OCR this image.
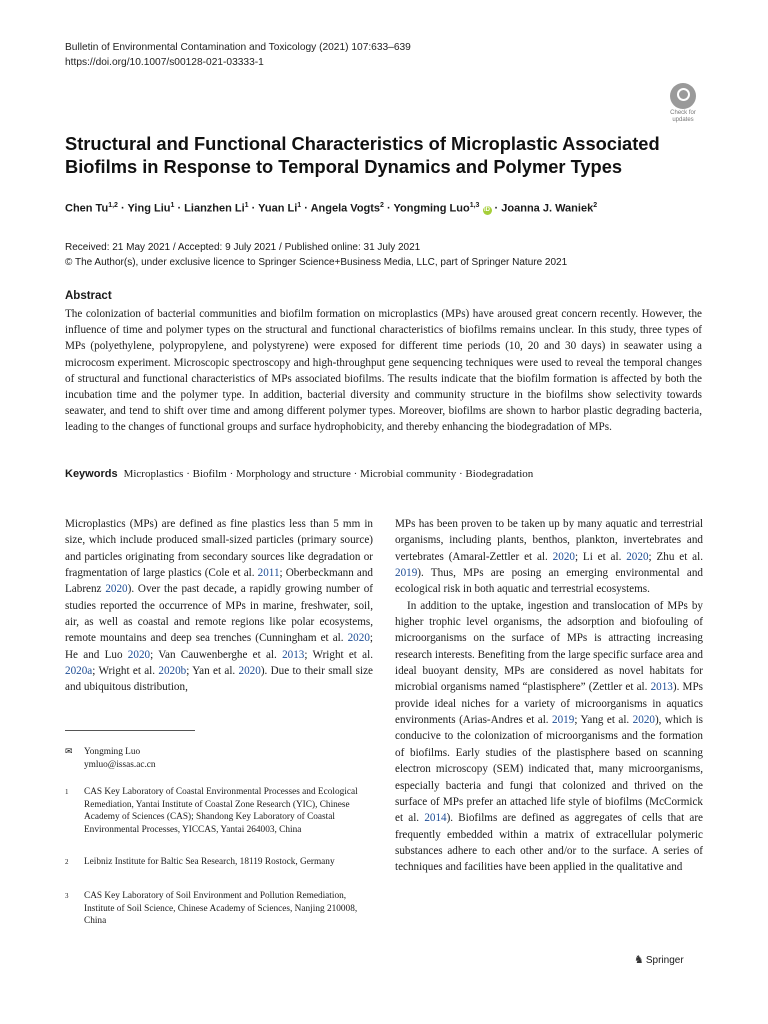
Bulletin of Environmental Contamination and Toxicology (2021) 107:633–639
https://doi.org/10.1007/s00128-021-03333-1
Check for
updates
Structural and Functional Characteristics of Microplastic Associated Biofilms in Response to Temporal Dynamics and Polymer Types
Chen Tu$^{1,2}$ · Ying Liu$^1$ · Lianzhen $Li^1$ · Yuan $Li^1$ · Angela Vogts$^2$ · Yongming Luo$^{1,3}$ iD · Joanna J. Waniek$^2$
Received: 21 May 2021 / Accepted: 9 July 2021 / Published online: 31 July 2021
© The Author(s), under exclusive licence to Springer Science+Business Media, LLC, part of Springer Nature 2021
Abstract

The colonization of bacterial communities and biofilm formation on microplastics (MPs) have aroused great concern recently. However, the influence of time and polymer types on the structural and functional characteristics of biofilms remains unclear. In this study, three types of MPs (polyethylene, polypropylene, and polystyrene) were exposed for different time periods (10, 20 and 30 days) in seawater using a microcosm experiment. Microscopic spectroscopy and high-throughput gene sequencing techniques were used to reveal the temporal changes of structural and functional characteristics of MPs associated biofilms. The results indicate that the biofilm formation is affected by both the incubation time and the polymer type. In addition, bacterial diversity and community structure in the biofilms show selectivity towards seawater, and tend to shift over time and among different polymer types. Moreover, biofilms are shown to harbor plastic degrading bacteria, leading to the changes of functional groups and surface hydrophobicity, and thereby enhancing the biodegradation of MPs.

Keywords Microplastics · Biofilm · Morphology and structure · Microbial community · Biodegradation

Microplastics (MPs) are defined as fine plastics less than 5 mm in size, which include produced small-sized particles (primary source) and particles originating from secondary sources like degradation or fragmentation of large plastics (Cole et al. 2011; Oberbeckmann and Labrenz 2020). Over the past decade, a rapidly growing number of studies reported the occurrence of MPs in marine, freshwater, soil, air, as well as coastal and remote regions like polar ecosystems, remote mountains and deep sea trenches (Cunningham et al. 2020; He and Luo 2020; Van Cauwenberghe et al. 2013; Wright et al. 2020a; Wright et al. 2020b; Yan et al. 2020). Due to their small size and ubiquitous distribution,

✉ Yongming Luo
ymluo@issas.ac.cn
1 CAS Key Laboratory of Coastal Environmental Processes and Ecological Remediation, Yantai Institute of Coastal Zone Research (YIC), Chinese Academy of Sciences (CAS); Shandong Key Laboratory of Coastal Environmental Processes, YICCAS, Yantai 264003, China
2 Leibniz Institute for Baltic Sea Research, 18119 Rostock, Germany
3 CAS Key Laboratory of Soil Environment and Pollution Remediation, Institute of Soil Science, Chinese Academy of Sciences, Nanjing 210008, China

MPs has been proven to be taken up by many aquatic and terrestrial organisms, including plants, benthos, plankton, invertebrates and vertebrates (Amaral-Zettler et al. 2020; Li et al. 2020; Zhu et al. 2019). Thus, MPs are posing an emerging environmental and ecological risk in both aquatic and terrestrial ecosystems.

In addition to the uptake, ingestion and translocation of MPs by higher trophic level organisms, the adsorption and biofouling of microorganisms on the surface of MPs is attracting increasing research interests. Benefiting from the large specific surface area and ideal buoyant density, MPs are considered as novel habitats for microbial organisms named “plastisphere” (Zettler et al. 2013). MPs provide ideal niches for a variety of microorganisms in aquatics environments (Arias-Andres et al. 2019; Yang et al. 2020), which is conducive to the colonization of microorganisms and the formation of biofilms. Early studies of the plastisphere based on scanning electron microscopy (SEM) indicated that, many microorganisms, especially bacteria and fungi that colonized and thrived on the surface of MPs prefer an attached life style of biofilms (McCormick et al. 2014). Biofilms are defined as aggregates of cells that are frequently embedded within a matrix of extracellular polymeric substances adhere to each other and/or to the surface. A series of techniques and facilities have been applied in the qualitative and

♞ Springer
